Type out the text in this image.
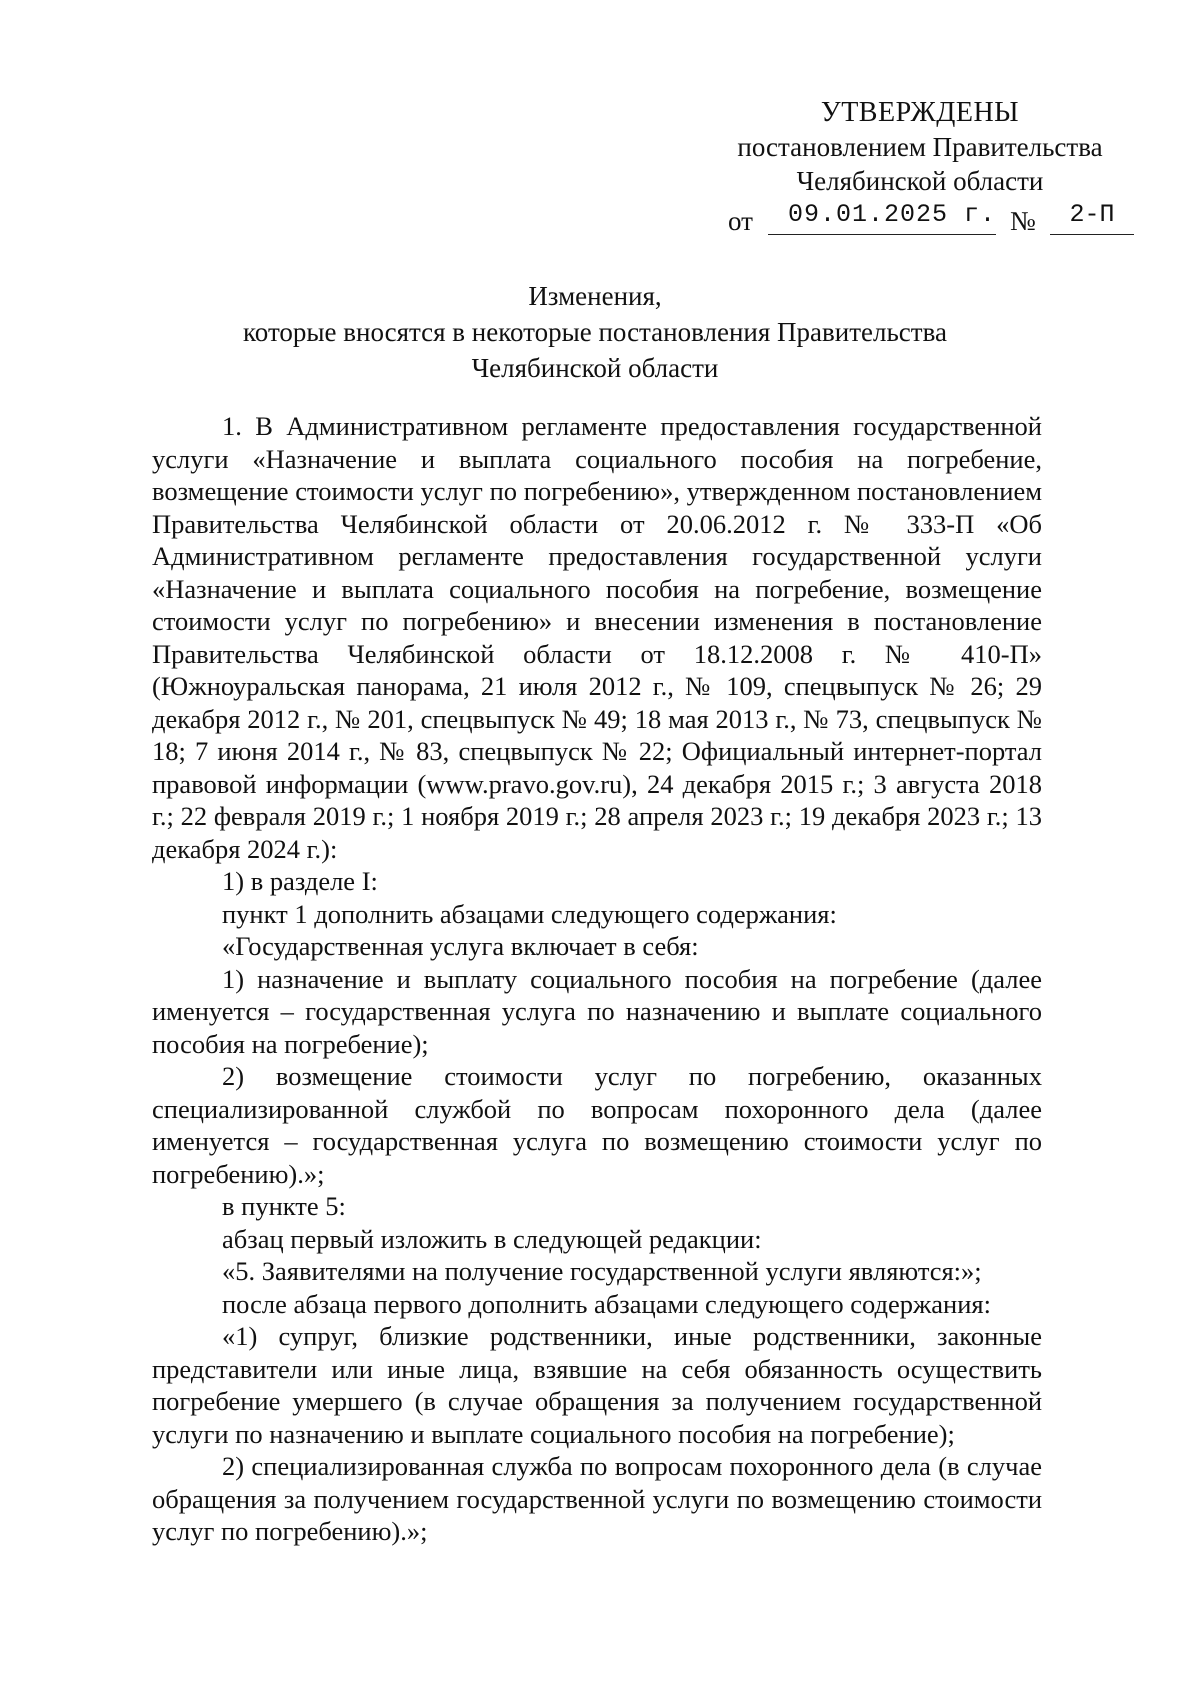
УТВЕРЖДЕНЫ
постановлением Правительства
Челябинской области
от	09.01.2025 г. №	2-П
Изменения,
которые вносятся в некоторые постановления Правительства
Челябинской области

1. В Административном регламенте предоставления государственной услуги «Назначение и выплата социального пособия на погребение, возмещение стоимости услуг по погребению», утвержденном постановлением Правительства Челябинской области от 20.06.2012 г. № 333-П «Об Административном регламенте предоставления государственной услуги «Назначение и выплата социального пособия на погребение, возмещение стоимости услуг по погребению» и внесении изменения в постановление Правительства Челябинской области от 18.12.2008 г. № 410-П» (Южноуральская панорама, 21 июля 2012 г., № 109, спецвыпуск № 26; 29 декабря 2012 г., № 201, спецвыпуск № 49; 18 мая 2013 г., № 73, спецвыпуск № 18; 7 июня 2014 г., № 83, спецвыпуск № 22; Официальный интернет-портал правовой информации (www.pravo.gov.ru), 24 декабря 2015 г.; 3 августа 2018 г.; 22 февраля 2019 г.; 1 ноября 2019 г.; 28 апреля 2023 г.; 19 декабря 2023 г.; 13 декабря 2024 г.):

1) в разделе I:

пункт 1 дополнить абзацами следующего содержания:

«Государственная услуга включает в себя:

1) назначение и выплату социального пособия на погребение (далее именуется – государственная услуга по назначению и выплате социального пособия на погребение);

2) возмещение стоимости услуг по погребению, оказанных специализированной службой по вопросам похоронного дела (далее именуется – государственная услуга по возмещению стоимости услуг по погребению).»;

в пункте 5:

абзац первый изложить в следующей редакции:

«5. Заявителями на получение государственной услуги являются:»;

после абзаца первого дополнить абзацами следующего содержания:

«1) супруг, близкие родственники, иные родственники, законные представители или иные лица, взявшие на себя обязанность осуществить погребение умершего (в случае обращения за получением государственной услуги по назначению и выплате социального пособия на погребение);

2) специализированная служба по вопросам похоронного дела (в случае обращения за получением государственной услуги по возмещению стоимости услуг по погребению).»;
